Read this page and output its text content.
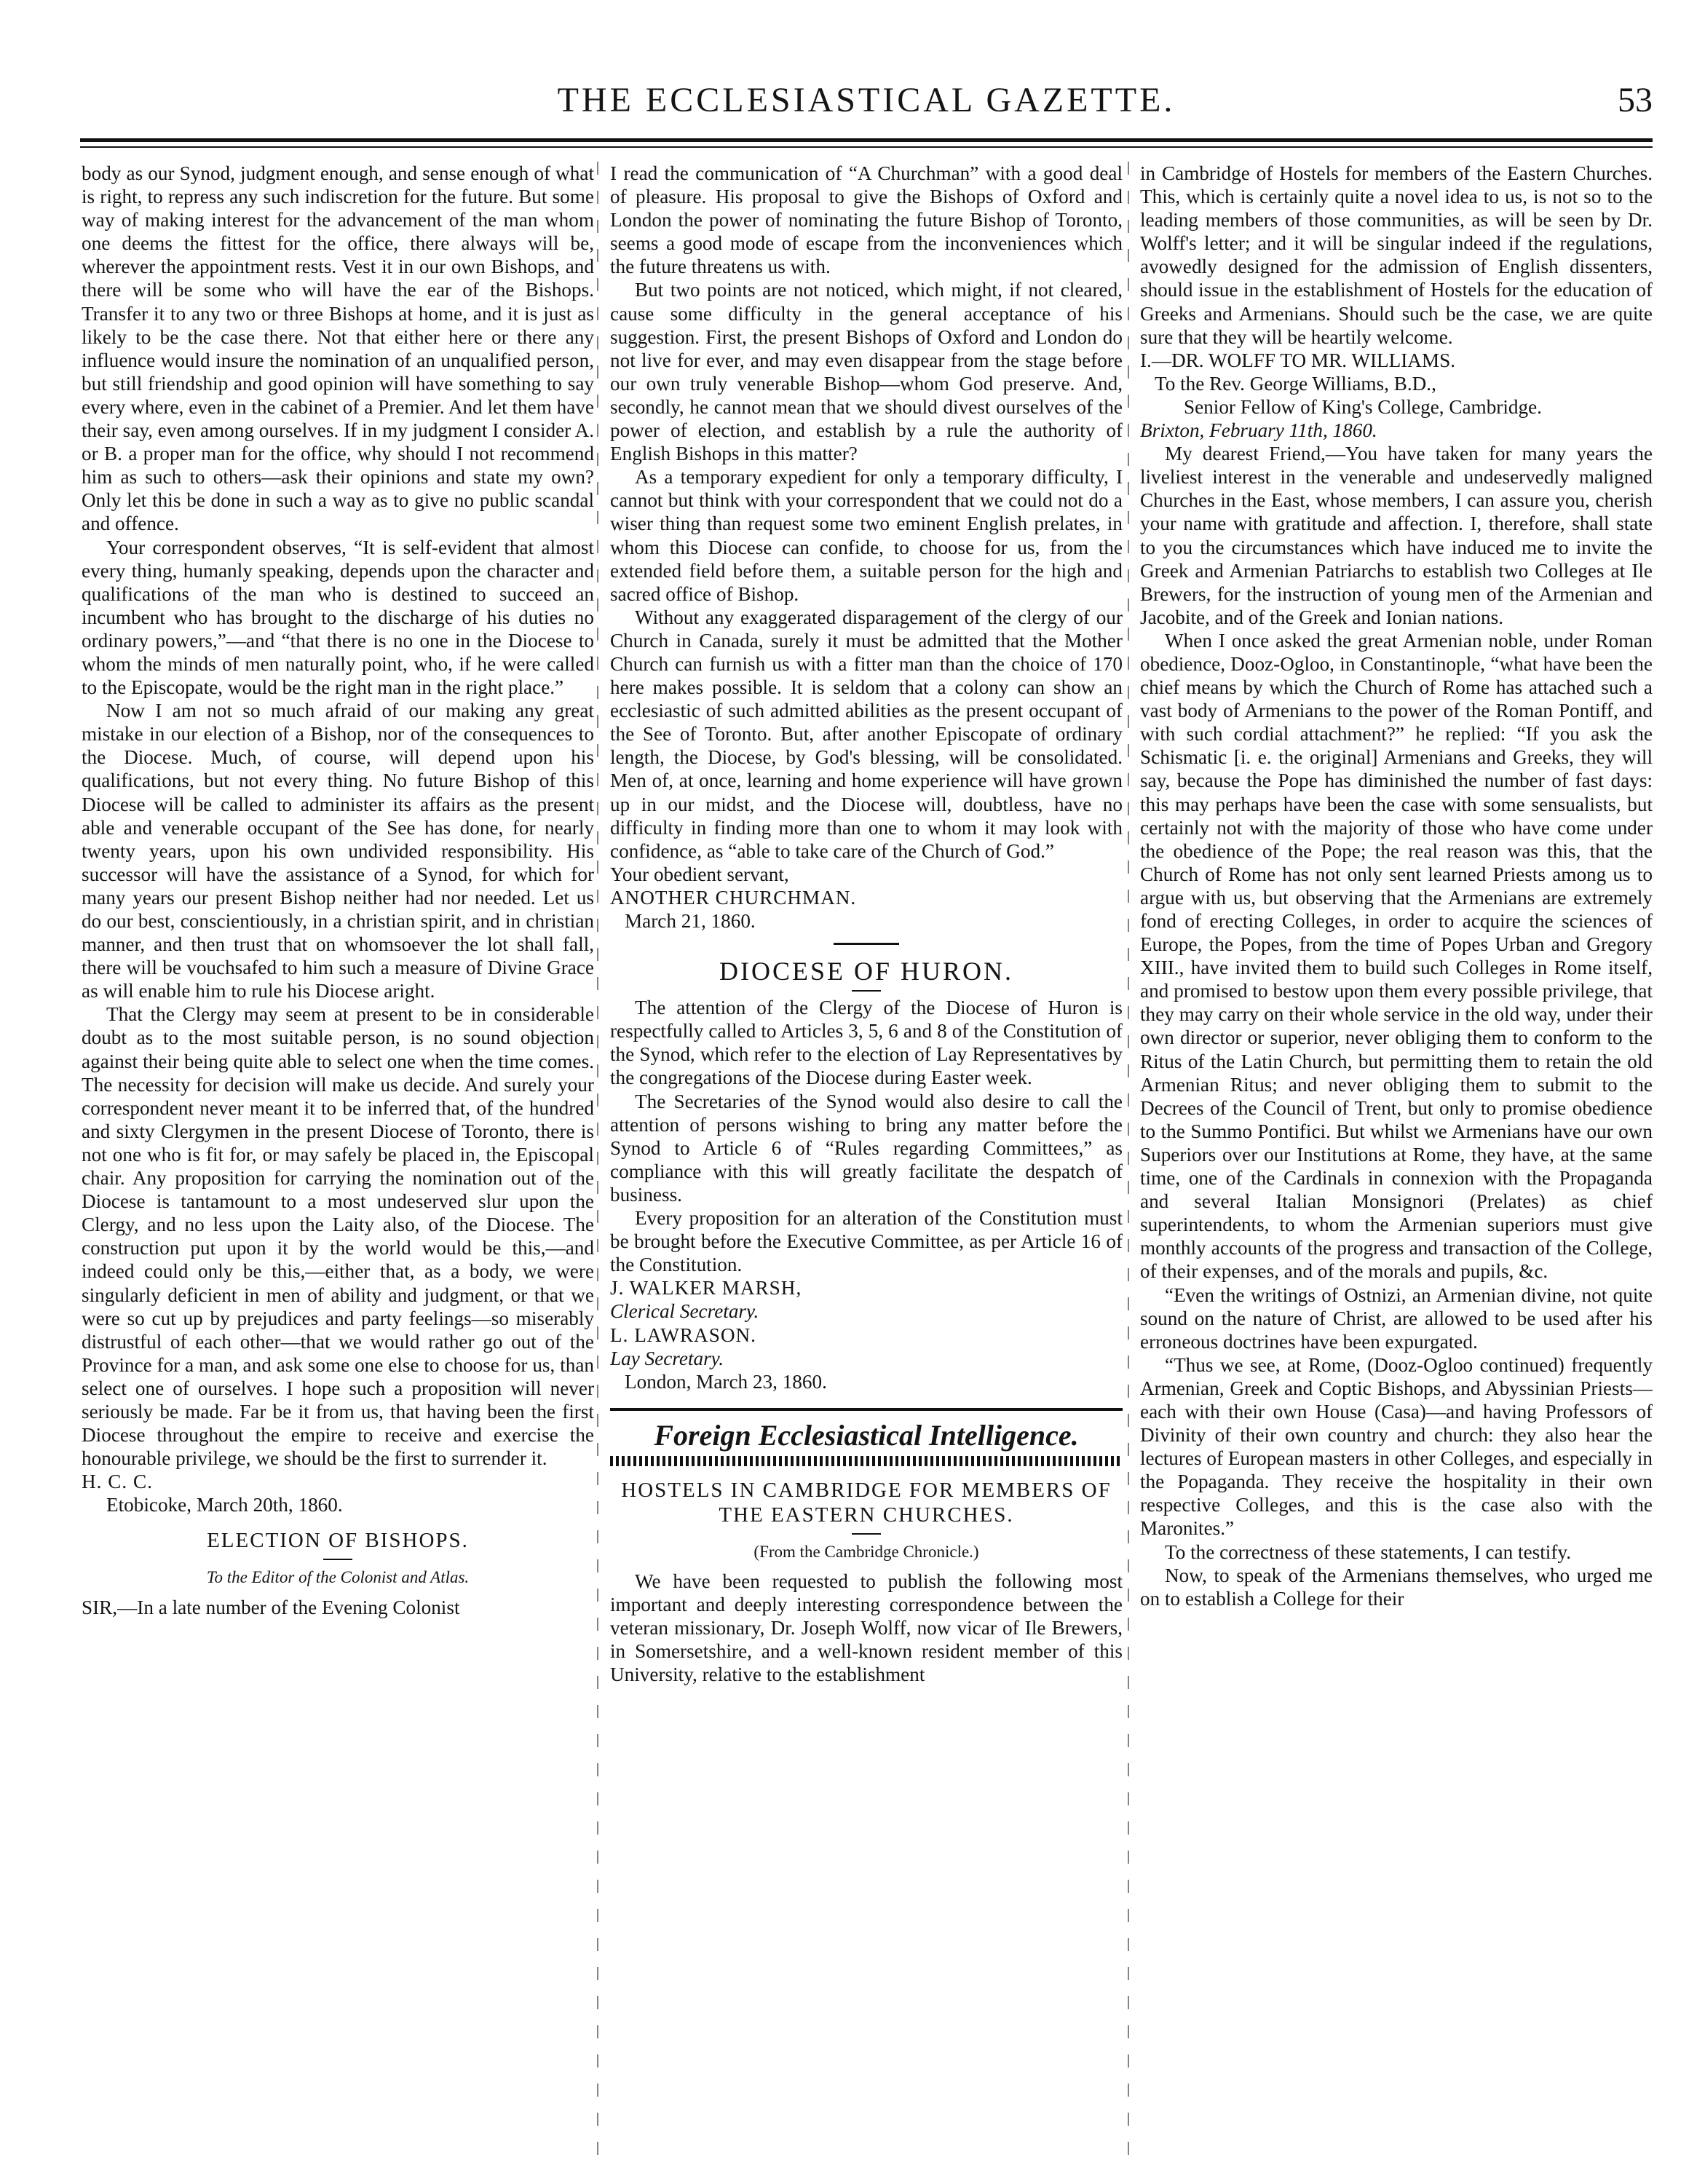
THE ECCLESIASTICAL GAZETTE.	53

body as our Synod, judgment enough, and sense enough of what is right, to repress any such indiscretion for the future. But some way of making interest for the advancement of the man whom one deems the fittest for the office, there always will be, wherever the appointment rests. Vest it in our own Bishops, and there will be some who will have the ear of the Bishops. Transfer it to any two or three Bishops at home, and it is just as likely to be the case there. Not that either here or there any influence would insure the nomination of an unqualified person, but still friendship and good opinion will have something to say every where, even in the cabinet of a Premier. And let them have their say, even among ourselves. If in my judgment I consider A. or B. a proper man for the office, why should I not recommend him as such to others—ask their opinions and state my own? Only let this be done in such a way as to give no public scandal and offence.

Your correspondent observes, “It is self-evident that almost every thing, humanly speaking, depends upon the character and qualifications of the man who is destined to succeed an incumbent who has brought to the discharge of his duties no ordinary powers,”—and “that there is no one in the Diocese to whom the minds of men naturally point, who, if he were called to the Episcopate, would be the right man in the right place.”

Now I am not so much afraid of our making any great mistake in our election of a Bishop, nor of the consequences to the Diocese. Much, of course, will depend upon his qualifications, but not every thing. No future Bishop of this Diocese will be called to administer its affairs as the present able and venerable occupant of the See has done, for nearly twenty years, upon his own undivided responsibility. His successor will have the assistance of a Synod, for which for many years our present Bishop neither had nor needed. Let us do our best, conscientiously, in a christian spirit, and in christian manner, and then trust that on whomsoever the lot shall fall, there will be vouchsafed to him such a measure of Divine Grace as will enable him to rule his Diocese aright.

That the Clergy may seem at present to be in considerable doubt as to the most suitable person, is no sound objection against their being quite able to select one when the time comes. The necessity for decision will make us decide. And surely your correspondent never meant it to be inferred that, of the hundred and sixty Clergymen in the present Diocese of Toronto, there is not one who is fit for, or may safely be placed in, the Episcopal chair. Any proposition for carrying the nomination out of the Diocese is tantamount to a most undeserved slur upon the Clergy, and no less upon the Laity also, of the Diocese. The construction put upon it by the world would be this,—and indeed could only be this,—either that, as a body, we were singularly deficient in men of ability and judgment, or that we were so cut up by prejudices and party feelings—so miserably distrustful of each other—that we would rather go out of the Province for a man, and ask some one else to choose for us, than select one of ourselves. I hope such a proposition will never seriously be made. Far be it from us, that having been the first Diocese throughout the empire to receive and exercise the honourable privilege, we should be the first to surrender it.

H. C. C.

Etobicoke, March 20th, 1860.

ELECTION OF BISHOPS.
To the Editor of the Colonist and Atlas.

SIR,—In a late number of the Evening Colonist

I read the communication of “A Churchman” with a good deal of pleasure. His proposal to give the Bishops of Oxford and London the power of nominating the future Bishop of Toronto, seems a good mode of escape from the inconveniences which the future threatens us with.

But two points are not noticed, which might, if not cleared, cause some difficulty in the general acceptance of his suggestion. First, the present Bishops of Oxford and London do not live for ever, and may even disappear from the stage before our own truly venerable Bishop—whom God preserve. And, secondly, he cannot mean that we should divest ourselves of the power of election, and establish by a rule the authority of English Bishops in this matter?

As a temporary expedient for only a temporary difficulty, I cannot but think with your correspondent that we could not do a wiser thing than request some two eminent English prelates, in whom this Diocese can confide, to choose for us, from the extended field before them, a suitable person for the high and sacred office of Bishop.

Without any exaggerated disparagement of the clergy of our Church in Canada, surely it must be admitted that the Mother Church can furnish us with a fitter man than the choice of 170 here makes possible. It is seldom that a colony can show an ecclesiastic of such admitted abilities as the present occupant of the See of Toronto. But, after another Episcopate of ordinary length, the Diocese, by God's blessing, will be consolidated. Men of, at once, learning and home experience will have grown up in our midst, and the Diocese will, doubtless, have no difficulty in finding more than one to whom it may look with confidence, as “able to take care of the Church of God.”

Your obedient servant,

ANOTHER CHURCHMAN.

March 21, 1860.

DIOCESE OF HURON.

The attention of the Clergy of the Diocese of Huron is respectfully called to Articles 3, 5, 6 and 8 of the Constitution of the Synod, which refer to the election of Lay Representatives by the congregations of the Diocese during Easter week.

The Secretaries of the Synod would also desire to call the attention of persons wishing to bring any matter before the Synod to Article 6 of “Rules regarding Committees,” as compliance with this will greatly facilitate the despatch of business.

Every proposition for an alteration of the Constitution must be brought before the Executive Committee, as per Article 16 of the Constitution.

J. WALKER MARSH,

Clerical Secretary.

L. LAWRASON.

Lay Secretary.

London, March 23, 1860.

Foreign Ecclesiastical Intelligence.
HOSTELS IN CAMBRIDGE FOR MEMBERS OF THE EASTERN CHURCHES.
(From the Cambridge Chronicle.)

We have been requested to publish the following most important and deeply interesting correspondence between the veteran missionary, Dr. Joseph Wolff, now vicar of Ile Brewers, in Somersetshire, and a well-known resident member of this University, relative to the establishment

in Cambridge of Hostels for members of the Eastern Churches. This, which is certainly quite a novel idea to us, is not so to the leading members of those communities, as will be seen by Dr. Wolff's letter; and it will be singular indeed if the regulations, avowedly designed for the admission of English dissenters, should issue in the establishment of Hostels for the education of Greeks and Armenians. Should such be the case, we are quite sure that they will be heartily welcome.

I.—DR. WOLFF TO MR. WILLIAMS.

To the Rev. George Williams, B.D.,

Senior Fellow of King's College, Cambridge.

Brixton, February 11th, 1860.

My dearest Friend,—You have taken for many years the liveliest interest in the venerable and undeservedly maligned Churches in the East, whose members, I can assure you, cherish your name with gratitude and affection. I, therefore, shall state to you the circumstances which have induced me to invite the Greek and Armenian Patriarchs to establish two Colleges at Ile Brewers, for the instruction of young men of the Armenian and Jacobite, and of the Greek and Ionian nations.

When I once asked the great Armenian noble, under Roman obedience, Dooz-Ogloo, in Constantinople, “what have been the chief means by which the Church of Rome has attached such a vast body of Armenians to the power of the Roman Pontiff, and with such cordial attachment?” he replied: “If you ask the Schismatic [i. e. the original] Armenians and Greeks, they will say, because the Pope has diminished the number of fast days: this may perhaps have been the case with some sensualists, but certainly not with the majority of those who have come under the obedience of the Pope; the real reason was this, that the Church of Rome has not only sent learned Priests among us to argue with us, but observing that the Armenians are extremely fond of erecting Colleges, in order to acquire the sciences of Europe, the Popes, from the time of Popes Urban and Gregory XIII., have invited them to build such Colleges in Rome itself, and promised to bestow upon them every possible privilege, that they may carry on their whole service in the old way, under their own director or superior, never obliging them to conform to the Ritus of the Latin Church, but permitting them to retain the old Armenian Ritus; and never obliging them to submit to the Decrees of the Council of Trent, but only to promise obedience to the Summo Pontifici. But whilst we Armenians have our own Superiors over our Institutions at Rome, they have, at the same time, one of the Cardinals in connexion with the Propaganda and several Italian Monsignori (Prelates) as chief superintendents, to whom the Armenian superiors must give monthly accounts of the progress and transaction of the College, of their expenses, and of the morals and pupils, &c.

“Even the writings of Ostnizi, an Armenian divine, not quite sound on the nature of Christ, are allowed to be used after his erroneous doctrines have been expurgated.

“Thus we see, at Rome, (Dooz-Ogloo continued) frequently Armenian, Greek and Coptic Bishops, and Abyssinian Priests—each with their own House (Casa)—and having Professors of Divinity of their own country and church: they also hear the lectures of European masters in other Colleges, and especially in the Popaganda. They receive the hospitality in their own respective Colleges, and this is the case also with the Maronites.”

To the correctness of these statements, I can testify.

Now, to speak of the Armenians themselves, who urged me on to establish a College for their
